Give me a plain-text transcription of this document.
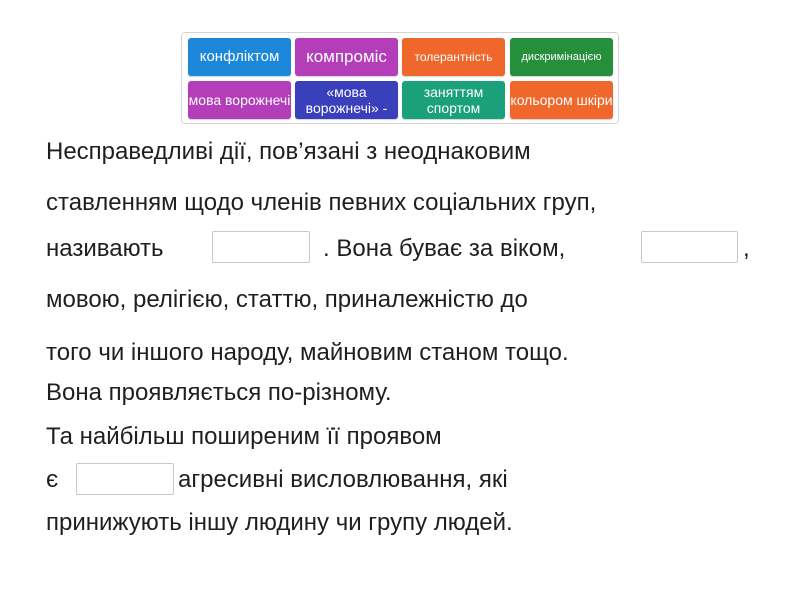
конфліктом	компроміс	толерантність	дискримінацією
мова ворожнечі	«мова ворожнечі» -
заняттям спортом	кольором шкіри
Несправедливі дії, пов’язані з неоднаковим
ставленням щодо членів певних соціальних груп,
називають	. Вона буває за віком,	,
мовою, релігією, статтю, приналежністю до
того чи іншого народу, майновим станом тощо.
Вона проявляється по-різному.
Та найбільш поширеним її проявом
є	агресивні висловлювання, які
принижують іншу людину чи групу людей.
